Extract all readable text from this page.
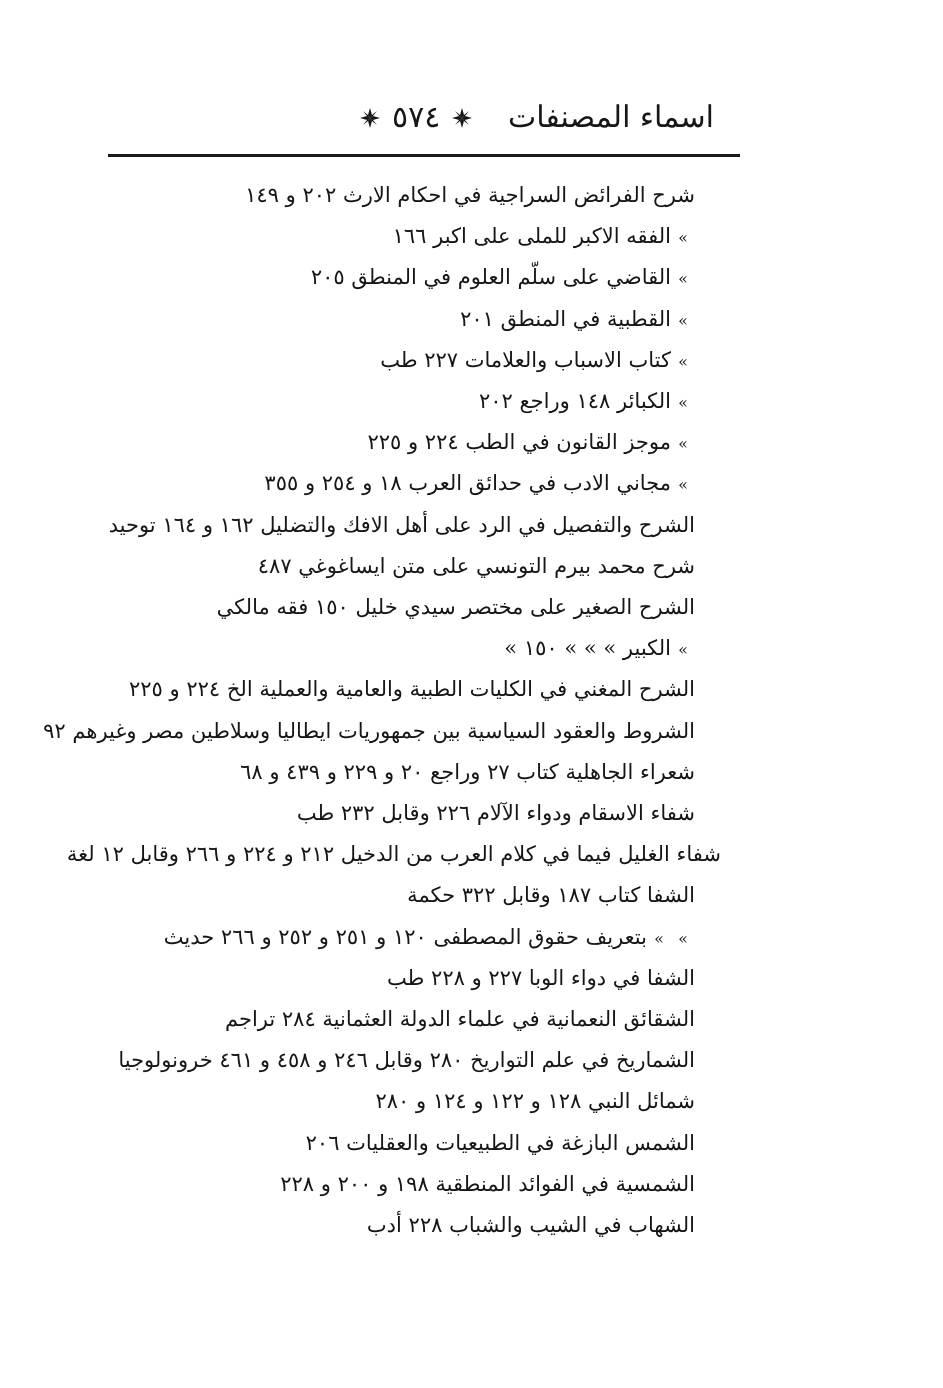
اسماء المصنفات
٥٧٤
شرح الفرائض السراجية في احكام الارث ٢٠٢ و ١٤٩
»الفقه الاكبر للملى على اكبر ١٦٦
»القاضي على سلّم العلوم في المنطق ٢٠٥
»القطبية في المنطق ٢٠١
»كتاب الاسباب والعلامات ٢٢٧ طب
»الكبائر ١٤٨ وراجع ٢٠٢
»موجز القانون في الطب ٢٢٤ و ٢٢٥
»مجاني الادب في حدائق العرب ١٨ و ٢٥٤ و ٣٥٥
الشرح والتفصيل في الرد على أهل الافك والتضليل ١٦٢ و ١٦٤ توحيد
شرح محمد بيرم التونسي على متن ايساغوغي ٤٨٧
الشرح الصغير على مختصر سيدي خليل ١٥٠ فقه مالكي
»الكبير » » » ١٥٠ »
الشرح المغني في الكليات الطبية والعامية والعملية الخ ٢٢٤ و ٢٢٥
الشروط والعقود السياسية بين جمهوريات ايطاليا وسلاطين مصر وغيرهم ٩٢
شعراء الجاهلية كتاب ٢٧ وراجع ٢٠ و ٢٢٩ و ٤٣٩ و ٦٨
شفاء الاسقام ودواء الآلام ٢٢٦ وقابل ٢٣٢ طب
شفاء الغليل فيما في كلام العرب من الدخيل ٢١٢ و ٢٢٤ و ٢٦٦ وقابل ١٢ لغة
الشفا كتاب ١٨٧ وقابل ٣٢٢ حكمة
»»بتعريف حقوق المصطفى ١٢٠ و ٢٥١ و ٢٥٢ و ٢٦٦ حديث
الشفا في دواء الوبا ٢٢٧ و ٢٢٨ طب
الشقائق النعمانية في علماء الدولة العثمانية ٢٨٤ تراجم
الشماريخ في علم التواريخ ٢٨٠ وقابل ٢٤٦ و ٤٥٨ و ٤٦١ خرونولوجيا
شمائل النبي ١٢٨ و ١٢٢ و ١٢٤ و ٢٨٠
الشمس البازغة في الطبيعيات والعقليات ٢٠٦
الشمسية في الفوائد المنطقية ١٩٨ و ٢٠٠ و ٢٢٨
الشهاب في الشيب والشباب ٢٢٨ أدب
